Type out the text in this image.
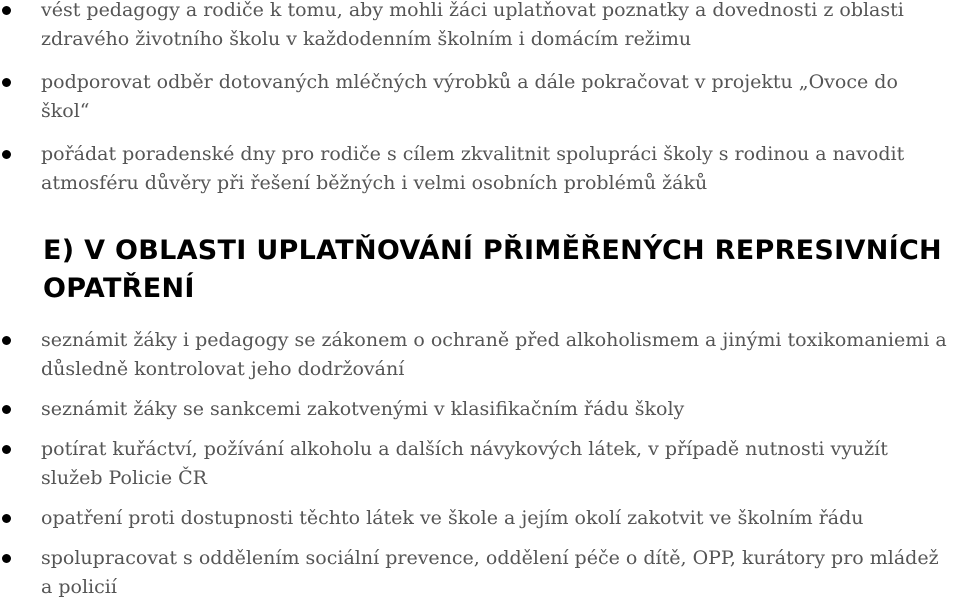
vést pedagogy a rodiče k tomu, aby mohli žáci uplatňovat poznatky a dovednosti z oblasti zdravého životního školu v každodenním školním i domácím režimu
podporovat odběr dotovaných mléčných výrobků a dále pokračovat v projektu „Ovoce do škol“
pořádat poradenské dny pro rodiče s cílem zkvalitnit spolupráci školy s rodinou a navodit atmosféru důvěry při řešení běžných i velmi osobních problémů žáků
E) V OBLASTI UPLATŇOVÁNÍ PŘIMĚŘENÝCH REPRESIVNÍCH OPATŘENÍ
seznámit žáky i pedagogy se zákonem o ochraně před alkoholismem a jinými toxikomaniemi a důsledně kontrolovat jeho dodržování
seznámit žáky se sankcemi zakotvenými v klasifikačním řádu školy
potírat kuřáctví, požívání alkoholu a dalších návykových látek, v případě nutnosti využít služeb Policie ČR
opatření proti dostupnosti těchto látek ve škole a jejím okolí zakotvit ve školním řádu
spolupracovat s oddělením sociální prevence, oddělení péče o dítě, OPP, kurátory pro mládež a policií
